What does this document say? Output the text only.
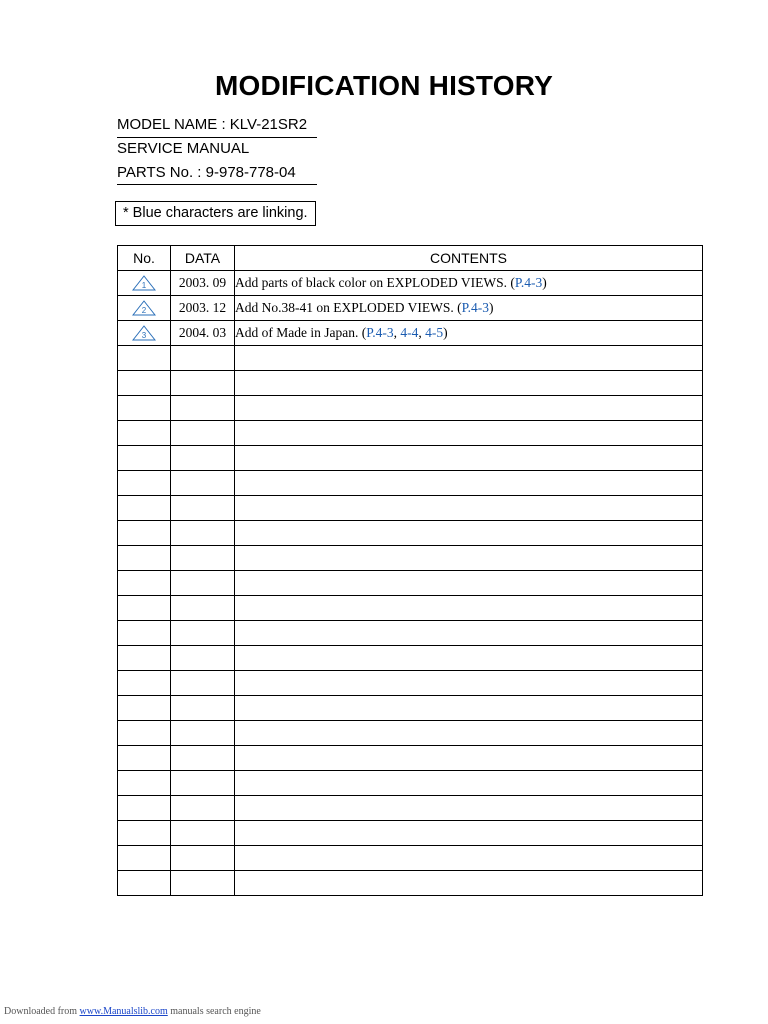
MODIFICATION HISTORY
MODEL NAME : KLV-21SR2
SERVICE MANUAL
PARTS No. : 9-978-778-04
* Blue characters are linking.
No.	DATA	CONTENTS

1	2003. 09	Add parts of black color on EXPLODED VIEWS. (P.4-3)

2	2003. 12	Add No.38-41 on EXPLODED VIEWS. (P.4-3)

3	2004. 03	Add of Made in Japan. (P.4-3, 4-4, 4-5)

Downloaded from www.Manualslib.com manuals search engine
